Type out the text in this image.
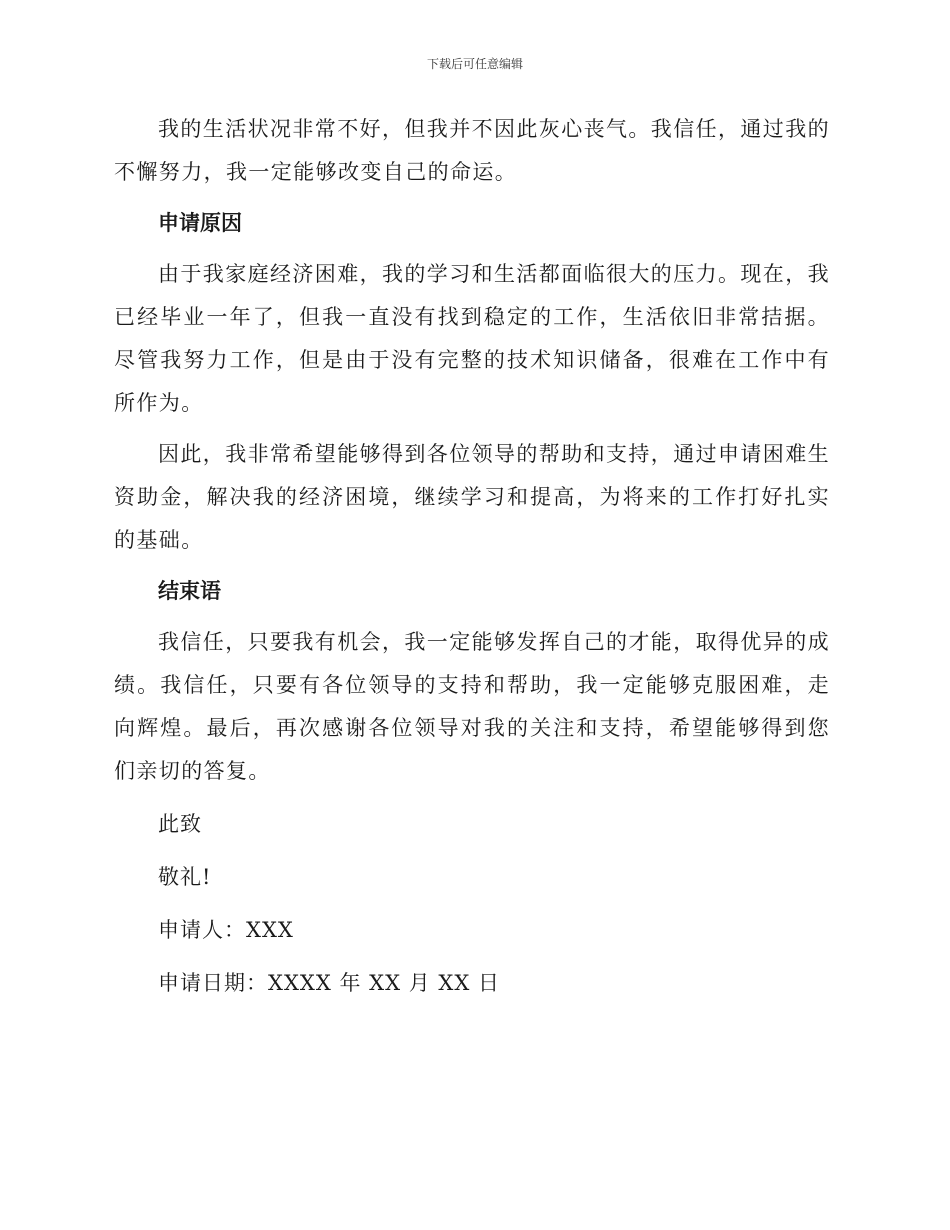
下载后可任意编辑

我的生活状况非常不好，但我并不因此灰心丧气。我信任，通过我的不懈努力，我一定能够改变自己的命运。

申请原因

由于我家庭经济困难，我的学习和生活都面临很大的压力。现在，我已经毕业一年了，但我一直没有找到稳定的工作，生活依旧非常拮据。尽管我努力工作，但是由于没有完整的技术知识储备，很难在工作中有所作为。

因此，我非常希望能够得到各位领导的帮助和支持，通过申请困难生资助金，解决我的经济困境，继续学习和提高，为将来的工作打好扎实的基础。

结束语

我信任，只要我有机会，我一定能够发挥自己的才能，取得优异的成绩。我信任，只要有各位领导的支持和帮助，我一定能够克服困难，走向辉煌。最后，再次感谢各位领导对我的关注和支持，希望能够得到您们亲切的答复。

此致

敬礼!

申请人：XXX

申请日期：XXXX 年 XX 月 XX 日
